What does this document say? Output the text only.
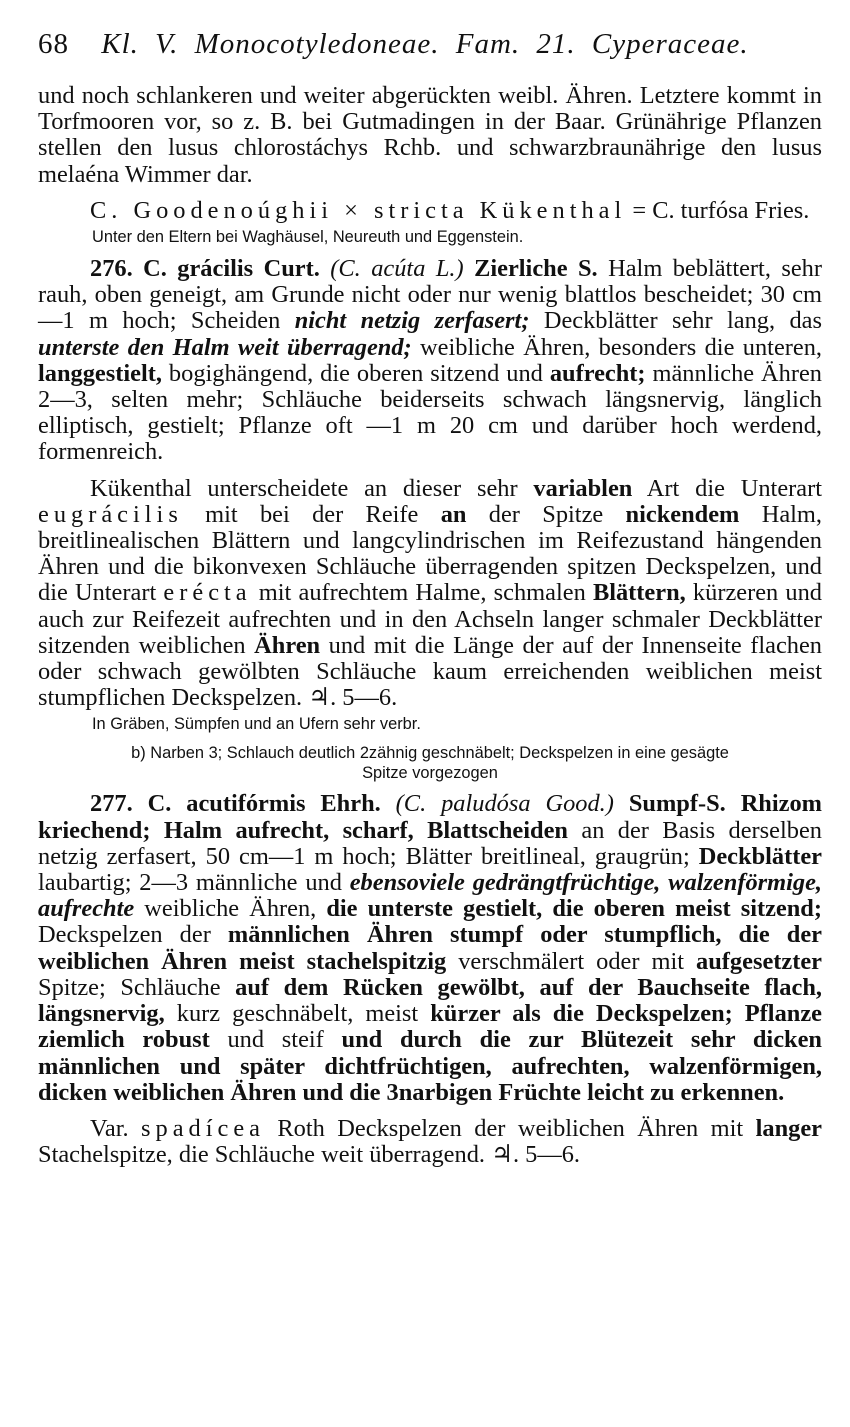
68 Kl. V. Monocotyledoneae. Fam. 21. Cyperaceae.

und noch schlankeren und weiter abgerückten weibl. Ähren. Letztere kommt in Torfmooren vor, so z. B. bei Gutmadingen in der Baar. Grünährige Pflanzen stellen den lusus chlorostáchys Rchb. und schwarzbraunährige den lusus melaéna Wimmer dar.

C. Goodenoúghii × stricta Kükenthal = C. turfósa Fries.

Unter den Eltern bei Waghäusel, Neureuth und Eggenstein.

276. C. grácilis Curt. (C. acúta L.) Zierliche S. Halm beblättert, sehr rauh, oben geneigt, am Grunde nicht oder nur wenig blattlos bescheidet; 30 cm—1 m hoch; Scheiden nicht netzig zerfasert; Deckblätter sehr lang, das unterste den Halm weit überragend; weibliche Ähren, besonders die unteren, langgestielt, bogighängend, die oberen sitzend und aufrecht; männliche Ähren 2—3, selten mehr; Schläuche beiderseits schwach längsnervig, länglich elliptisch, gestielt; Pflanze oft —1 m 20 cm und darüber hoch werdend, formenreich.

Kükenthal unterscheidete an dieser sehr variablen Art die Unterart eugrácilis mit bei der Reife an der Spitze nickendem Halm, breitlinealischen Blättern und langcylindrischen im Reifezustand hängenden Ähren und die bikonvexen Schläuche überragenden spitzen Deckspelzen, und die Unterart erécta mit aufrechtem Halme, schmalen Blättern, kürzeren und auch zur Reifezeit aufrechten und in den Achseln langer schmaler Deckblätter sitzenden weiblichen Ähren und mit die Länge der auf der Innenseite flachen oder schwach gewölbten Schläuche kaum erreichenden weiblichen meist stumpflichen Deckspelzen. ♃. 5—6.

In Gräben, Sümpfen und an Ufern sehr verbr.

b) Narben 3; Schlauch deutlich 2zähnig geschnäbelt; Deckspelzen in eine gesägte
Spitze vorgezogen

277. C. acutifórmis Ehrh. (C. paludósa Good.) Sumpf-S. Rhizom kriechend; Halm aufrecht, scharf, Blattscheiden an der Basis derselben netzig zerfasert, 50 cm—1 m hoch; Blätter breitlineal, graugrün; Deckblätter laubartig; 2—3 männliche und ebensoviele gedrängtfrüchtige, walzenförmige, aufrechte weibliche Ähren, die unterste gestielt, die oberen meist sitzend; Deckspelzen der männlichen Ähren stumpf oder stumpflich, die der weiblichen Ähren meist stachelspitzig verschmälert oder mit aufgesetzter Spitze; Schläuche auf dem Rücken gewölbt, auf der Bauchseite flach, längsnervig, kurz geschnäbelt, meist kürzer als die Deckspelzen; Pflanze ziemlich robust und steif und durch die zur Blütezeit sehr dicken männlichen und später dichtfrüchtigen, aufrechten, walzenförmigen, dicken weiblichen Ähren und die 3narbigen Früchte leicht zu erkennen.

Var. spadícea Roth Deckspelzen der weiblichen Ähren mit langer Stachelspitze, die Schläuche weit überragend. ♃. 5—6.
